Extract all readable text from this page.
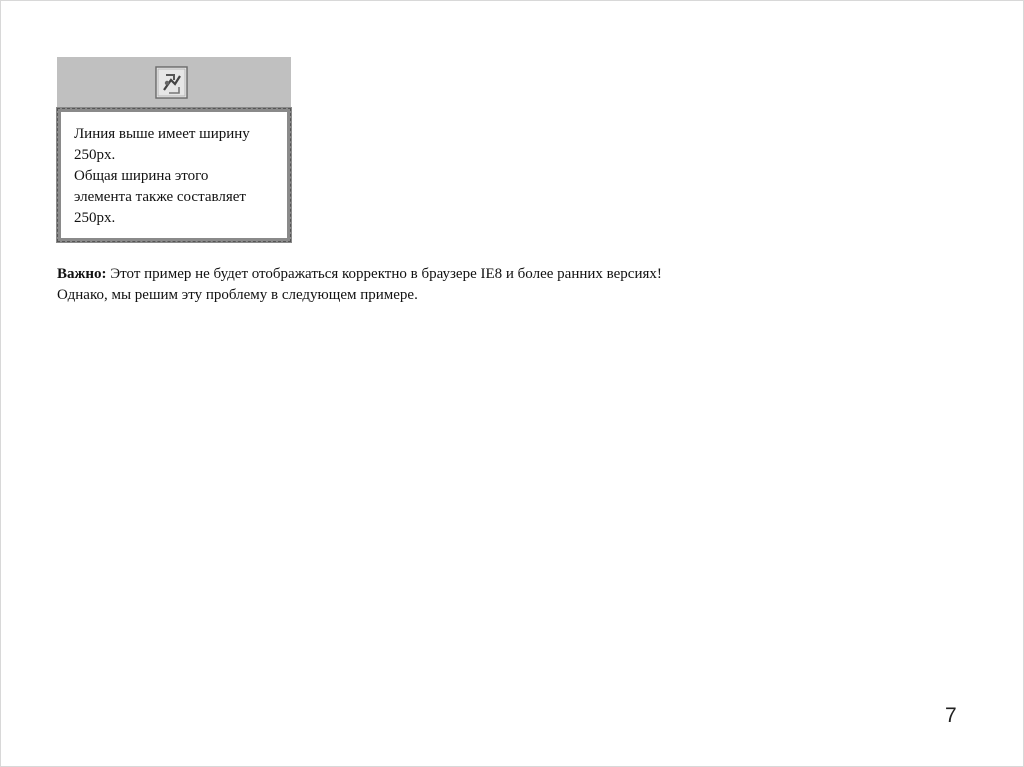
Линия выше имеет ширину
250px.
Общая ширина этого
элемента также составляет
250px.

Важно: Этот пример не будет отображаться корректно в браузере IE8 и более ранних версиях!
Однако, мы решим эту проблему в следующем примере.

7
